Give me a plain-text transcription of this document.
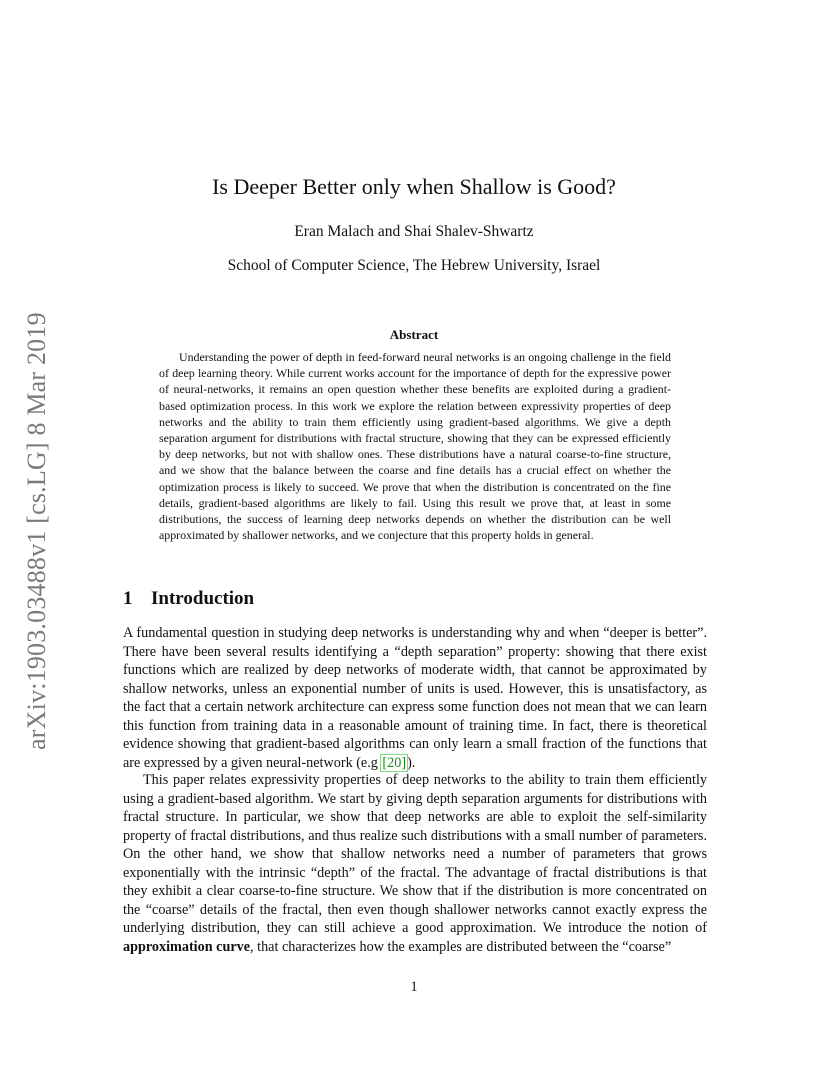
arXiv:1903.03488v1 [cs.LG] 8 Mar 2019
Is Deeper Better only when Shallow is Good?
Eran Malach and Shai Shalev-Shwartz
School of Computer Science, The Hebrew University, Israel
Abstract

Understanding the power of depth in feed-forward neural networks is an ongoing challenge in the field of deep learning theory. While current works account for the importance of depth for the expressive power of neural-networks, it remains an open question whether these benefits are exploited during a gradient-based optimization process. In this work we explore the relation between expressivity properties of deep networks and the ability to train them efficiently using gradient-based algorithms. We give a depth separation argument for distributions with fractal structure, showing that they can be expressed efficiently by deep networks, but not with shallow ones. These distributions have a natural coarse-to-fine structure, and we show that the balance between the coarse and fine details has a crucial effect on whether the optimization process is likely to succeed. We prove that when the distribution is concentrated on the fine details, gradient-based algorithms are likely to fail. Using this result we prove that, at least in some distributions, the success of learning deep networks depends on whether the distribution can be well approximated by shallower networks, and we conjecture that this property holds in general.

1 Introduction

A fundamental question in studying deep networks is understanding why and when “deeper is better”. There have been several results identifying a “depth separation” property: showing that there exist functions which are realized by deep networks of moderate width, that cannot be approximated by shallow networks, unless an exponential number of units is used. However, this is unsatisfactory, as the fact that a certain network architecture can express some function does not mean that we can learn this function from training data in a reasonable amount of training time. In fact, there is theoretical evidence showing that gradient-based algorithms can only learn a small fraction of the functions that are expressed by a given neural-network (e.g [20]).

This paper relates expressivity properties of deep networks to the ability to train them efficiently using a gradient-based algorithm. We start by giving depth separation arguments for distributions with fractal structure. In particular, we show that deep networks are able to exploit the self-similarity property of fractal distributions, and thus realize such distributions with a small number of parameters. On the other hand, we show that shallow networks need a number of parameters that grows exponentially with the intrinsic “depth” of the fractal. The advantage of fractal distributions is that they exhibit a clear coarse-to-fine structure. We show that if the distribution is more concentrated on the “coarse” details of the fractal, then even though shallower networks cannot exactly express the underlying distribution, they can still achieve a good approximation. We introduce the notion of approximation curve, that characterizes how the examples are distributed between the “coarse”

1
